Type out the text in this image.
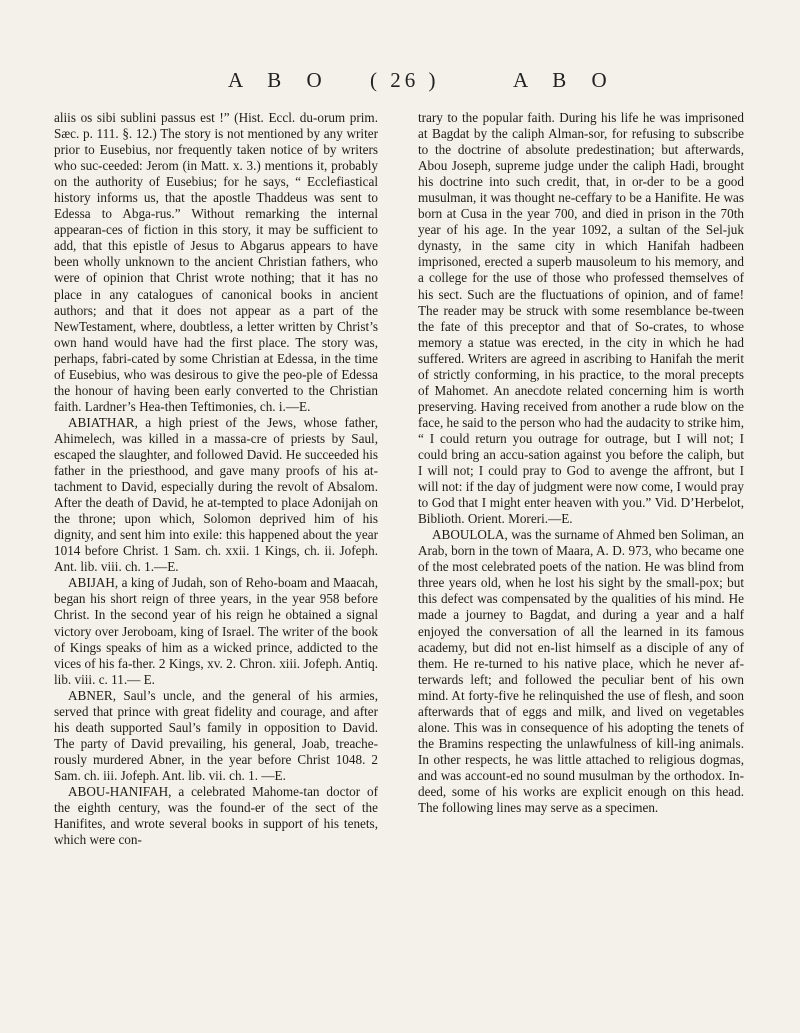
A B O ( 26 )	A B O

aliis os sibi sublini passus est !” (Hist. Eccl. du-orum prim. Sæc. p. 111. §. 12.) The story is not mentioned by any writer prior to Eusebius, nor frequently taken notice of by writers who suc-ceeded: Jerom (in Matt. x. 3.) mentions it, probably on the authority of Eusebius; for he says, “ Ecclefiastical history informs us, that the apostle Thaddeus was sent to Edessa to Abga-rus.” Without remarking the internal appearan-ces of fiction in this story, it may be sufficient to add, that this epistle of Jesus to Abgarus appears to have been wholly unknown to the ancient Christian fathers, who were of opinion that Christ wrote nothing; that it has no place in any catalogues of canonical books in ancient authors; and that it does not appear as a part of the NewTestament, where, doubtless, a letter written by Christ’s own hand would have had the first place. The story was, perhaps, fabri-cated by some Christian at Edessa, in the time of Eusebius, who was desirous to give the peo-ple of Edessa the honour of having been early converted to the Christian faith. Lardner’s Hea-then Teftimonies, ch. i.—E.

ABIATHAR, a high priest of the Jews, whose father, Ahimelech, was killed in a massa-cre of priests by Saul, escaped the slaughter, and followed David. He succeeded his father in the priesthood, and gave many proofs of his at-tachment to David, especially during the revolt of Absalom. After the death of David, he at-tempted to place Adonijah on the throne; upon which, Solomon deprived him of his dignity, and sent him into exile: this happened about the year 1014 before Christ. 1 Sam. ch. xxii. 1 Kings, ch. ii. Jofeph. Ant. lib. viii. ch. 1.—E.

ABIJAH, a king of Judah, son of Reho-boam and Maacah, began his short reign of three years, in the year 958 before Christ. In the second year of his reign he obtained a signal victory over Jeroboam, king of Israel. The writer of the book of Kings speaks of him as a wicked prince, addicted to the vices of his fa-ther. 2 Kings, xv. 2. Chron. xiii. Jofeph. Antiq. lib. viii. c. 11.— E.

ABNER, Saul’s uncle, and the general of his armies, served that prince with great fidelity and courage, and after his death supported Saul’s family in opposition to David. The party of David prevailing, his general, Joab, treache-rously murdered Abner, in the year before Christ 1048. 2 Sam. ch. iii. Jofeph. Ant. lib. vii. ch. 1. —E.

ABOU-HANIFAH, a celebrated Mahome-tan doctor of the eighth century, was the found-er of the sect of the Hanifites, and wrote several books in support of his tenets, which were con-

trary to the popular faith. During his life he was imprisoned at Bagdat by the caliph Alman-sor, for refusing to subscribe to the doctrine of absolute predestination; but afterwards, Abou Joseph, supreme judge under the caliph Hadi, brought his doctrine into such credit, that, in or-der to be a good musulman, it was thought ne-ceffary to be a Hanifite. He was born at Cusa in the year 700, and died in prison in the 70th year of his age. In the year 1092, a sultan of the Sel-juk dynasty, in the same city in which Hanifah hadbeen imprisoned, erected a superb mausoleum to his memory, and a college for the use of those who professed themselves of his sect. Such are the fluctuations of opinion, and of fame! The reader may be struck with some resemblance be-tween the fate of this preceptor and that of So-crates, to whose memory a statue was erected, in the city in which he had suffered. Writers are agreed in ascribing to Hanifah the merit of strictly conforming, in his practice, to the moral precepts of Mahomet. An anecdote related concerning him is worth preserving. Having received from another a rude blow on the face, he said to the person who had the audacity to strike him, “ I could return you outrage for outrage, but I will not; I could bring an accu-sation against you before the caliph, but I will not; I could pray to God to avenge the affront, but I will not: if the day of judgment were now come, I would pray to God that I might enter heaven with you.” Vid. D’Herbelot, Biblioth. Orient. Moreri.—E.

ABOULOLA, was the surname of Ahmed ben Soliman, an Arab, born in the town of Maara, A. D. 973, who became one of the most celebrated poets of the nation. He was blind from three years old, when he lost his sight by the small-pox; but this defect was compensated by the qualities of his mind. He made a journey to Bagdat, and during a year and a half enjoyed the conversation of all the learned in its famous academy, but did not en-list himself as a disciple of any of them. He re-turned to his native place, which he never af-terwards left; and followed the peculiar bent of his own mind. At forty-five he relinquished the use of flesh, and soon afterwards that of eggs and milk, and lived on vegetables alone. This was in consequence of his adopting the tenets of the Bramins respecting the unlawfulness of kill-ing animals. In other respects, he was little attached to religious dogmas, and was account-ed no sound musulman by the orthodox. In-deed, some of his works are explicit enough on this head. The following lines may serve as a specimen.
